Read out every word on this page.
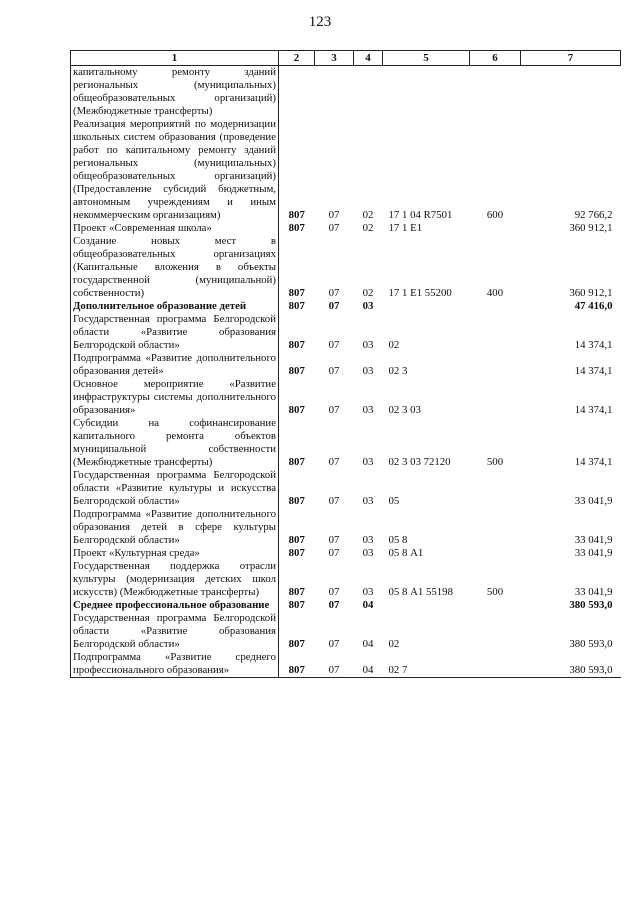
123
1	2	3	4	5	6	7
капитальному ремонту зданий региональных (муниципальных) общеобразовательных организаций) (Межбюджетные трансферты)						
Реализация мероприятий по модернизации школьных систем образования (проведение работ по капитальному ремонту зданий региональных (муниципальных) общеобразовательных организаций) (Предоставление субсидий бюджетным, автономным учреждениям и иным некоммерческим организациям)	807	07	02	17 1 04 R7501	600	92 766,2
Проект «Современная школа»	807	07	02	17 1 Е1		360 912,1
Создание новых мест в общеобразовательных организациях (Капитальные вложения в объекты государственной (муниципальной) собственности)	807	07	02	17 1 Е1 55200	400	360 912,1
Дополнительное образование детей	807	07	03			47 416,0
Государственная программа Белгородской области «Развитие образования Белгородской области»	807	07	03	02		14 374,1
Подпрограмма «Развитие дополнительного образования детей»	807	07	03	02 3		14 374,1
Основное мероприятие «Развитие инфраструктуры системы дополнительного образования»	807	07	03	02 3 03		14 374,1
Субсидии на софинансирование капитального ремонта объектов муниципальной собственности (Межбюджетные трансферты)	807	07	03	02 3 03 72120	500	14 374,1
Государственная программа Белгородской области «Развитие культуры и искусства Белгородской области»	807	07	03	05		33 041,9
Подпрограмма «Развитие дополнительного образования детей в сфере культуры Белгородской области»	807	07	03	05 8		33 041,9
Проект «Культурная среда»	807	07	03	05 8 А1		33 041,9
Государственная поддержка отрасли культуры (модернизация детских школ искусств) (Межбюджетные трансферты)	807	07	03	05 8 А1 55198	500	33 041,9
Среднее профессиональное образование	807	07	04			380 593,0
Государственная программа Белгородской области «Развитие образования Белгородской области»	807	07	04	02		380 593,0
Подпрограмма «Развитие среднего профессионального образования»	807	07	04	02 7		380 593,0
